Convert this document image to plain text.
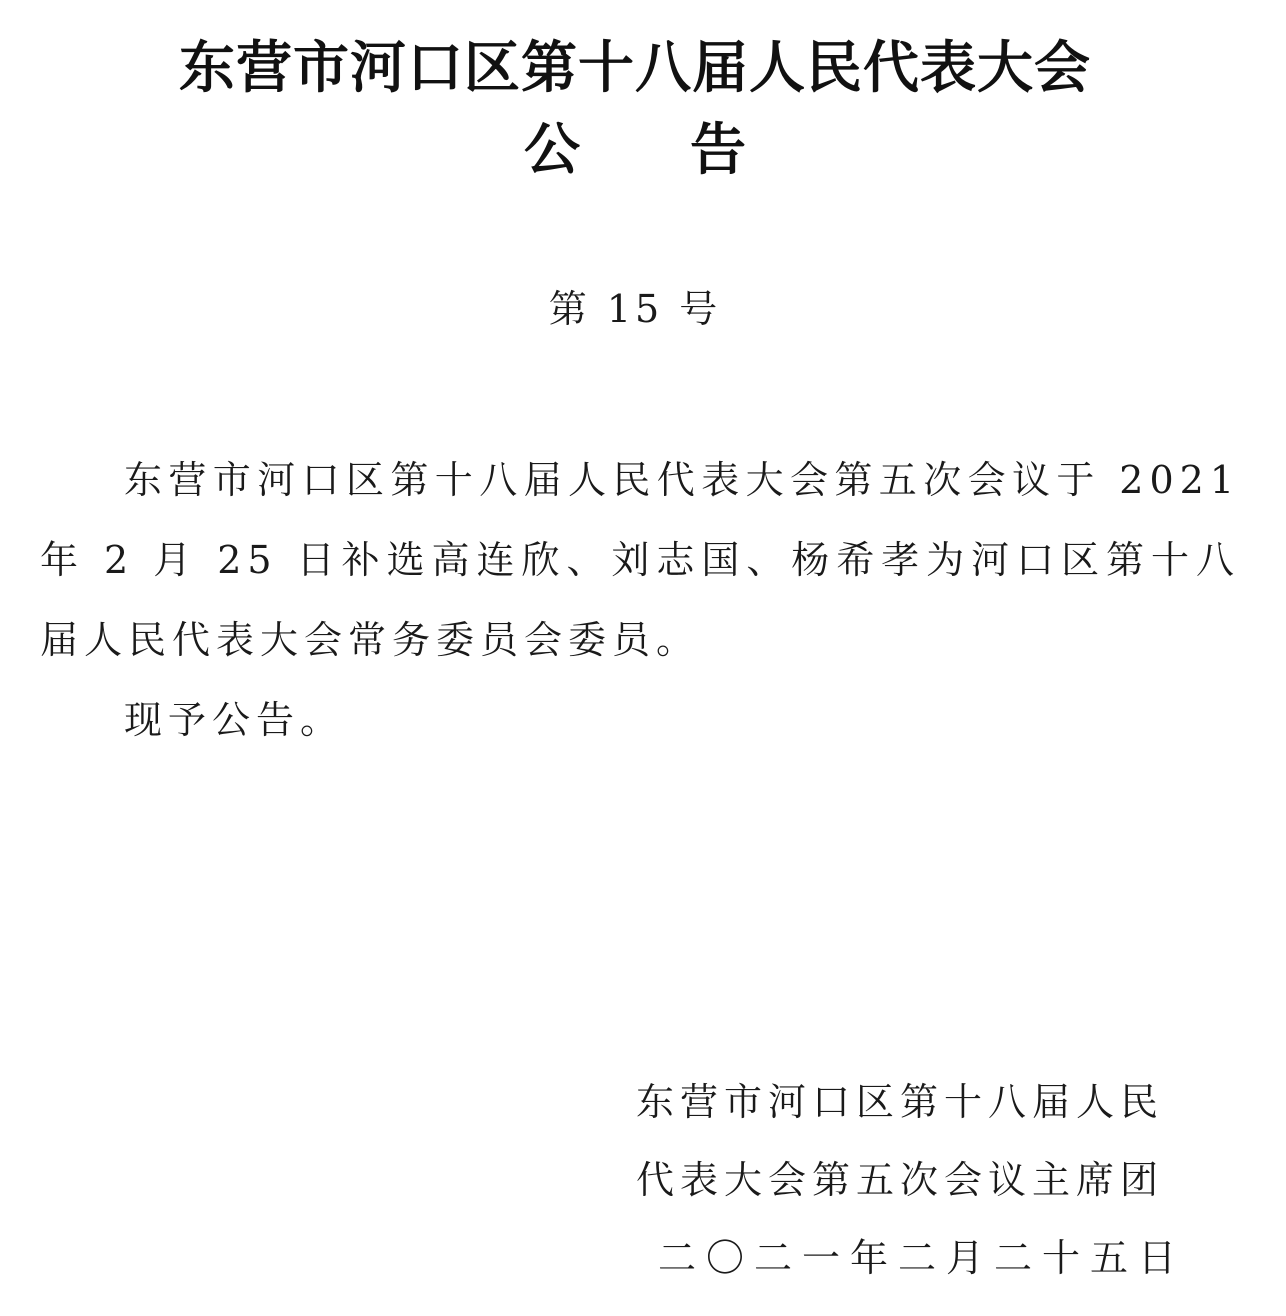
东营市河口区第十八届人民代表大会
公告
第 15 号

东营市河口区第十八届人民代表大会第五次会议于 2021 年 2 月 25 日补选高连欣、刘志国、杨希孝为河口区第十八届人民代表大会常务委员会委员。

现予公告。

东营市河口区第十八届人民
代表大会第五次会议主席团
二〇二一年二月二十五日
